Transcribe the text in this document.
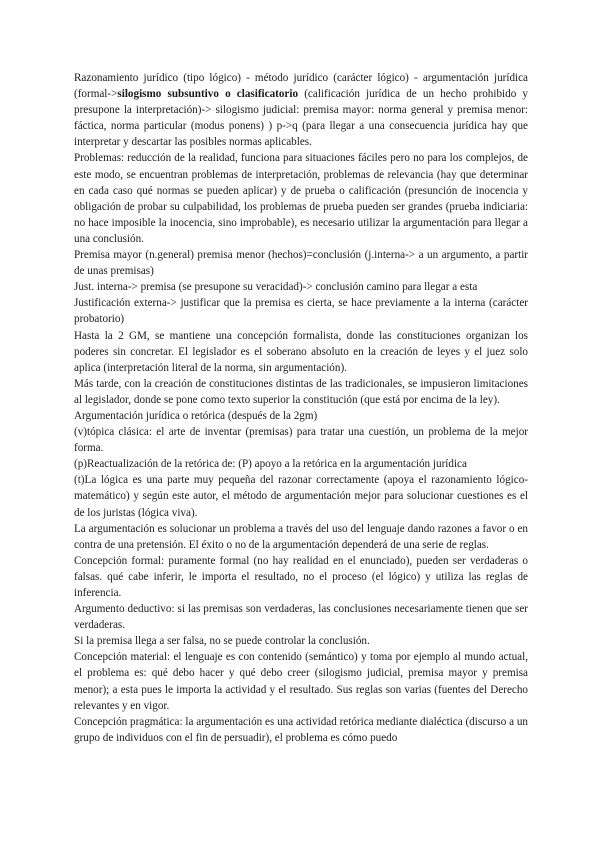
Razonamiento jurídico (tipo lógico) - método jurídico (carácter lógico) - argumentación jurídica (formal->silogismo subsuntivo o clasificatorio (calificación jurídica de un hecho prohibido y presupone la interpretación)-> silogismo judicial: premisa mayor: norma general y premisa menor: fáctica, norma particular (modus ponens) ) p->q (para llegar a una consecuencia jurídica hay que interpretar y descartar las posibles normas aplicables.

Problemas: reducción de la realidad, funciona para situaciones fáciles pero no para los complejos, de este modo, se encuentran problemas de interpretación, problemas de relevancia (hay que determinar en cada caso qué normas se pueden aplicar) y de prueba o calificación (presunción de inocencia y obligación de probar su culpabilidad, los problemas de prueba pueden ser grandes (prueba indiciaria: no hace imposible la inocencia, sino improbable), es necesario utilizar la argumentación para llegar a una conclusión.

Premisa mayor (n.general) premisa menor (hechos)=conclusión (j.interna-> a un argumento, a partir de unas premisas)

Just. interna-> premisa (se presupone su veracidad)-> conclusión camino para llegar a esta

Justificación externa-> justificar que la premisa es cierta, se hace previamente a la interna (carácter probatorio)

Hasta la 2 GM, se mantiene una concepción formalista, donde las constituciones organizan los poderes sin concretar. El legislador es el soberano absoluto en la creación de leyes y el juez solo aplica (interpretación literal de la norma, sin argumentación).

Más tarde, con la creación de constituciones distintas de las tradicionales, se impusieron limitaciones al legislador, donde se pone como texto superior la constitución (que está por encima de la ley).

Argumentación jurídica o retórica (después de la 2gm)

(v)tópica clásica: el arte de inventar (premisas) para tratar una cuestión, un problema de la mejor forma.

(p)Reactualización de la retórica de: (P) apoyo a la retórica en la argumentación jurídica

(t)La lógica es una parte muy pequeña del razonar correctamente (apoya el razonamiento lógico-matemático) y según este autor, el método de argumentación mejor para solucionar cuestiones es el de los juristas (lógica viva).

La argumentación es solucionar un problema a través del uso del lenguaje dando razones a favor o en contra de una pretensión. El éxito o no de la argumentación dependerá de una serie de reglas.

Concepción formal: puramente formal (no hay realidad en el enunciado), pueden ser verdaderas o falsas. qué cabe inferir, le importa el resultado, no el proceso (el lógico) y utiliza las reglas de inferencia.

Argumento deductivo: si las premisas son verdaderas, las conclusiones necesariamente tienen que ser verdaderas.

Si la premisa llega a ser falsa, no se puede controlar la conclusión.

Concepción material: el lenguaje es con contenido (semántico) y toma por ejemplo al mundo actual, el problema es: qué debo hacer y qué debo creer (silogismo judicial, premisa mayor y premisa menor); a esta pues le importa la actividad y el resultado. Sus reglas son varias (fuentes del Derecho relevantes y en vigor.

Concepción pragmática: la argumentación es una actividad retórica mediante dialéctica (discurso a un grupo de individuos con el fin de persuadir), el problema es cómo puedo
